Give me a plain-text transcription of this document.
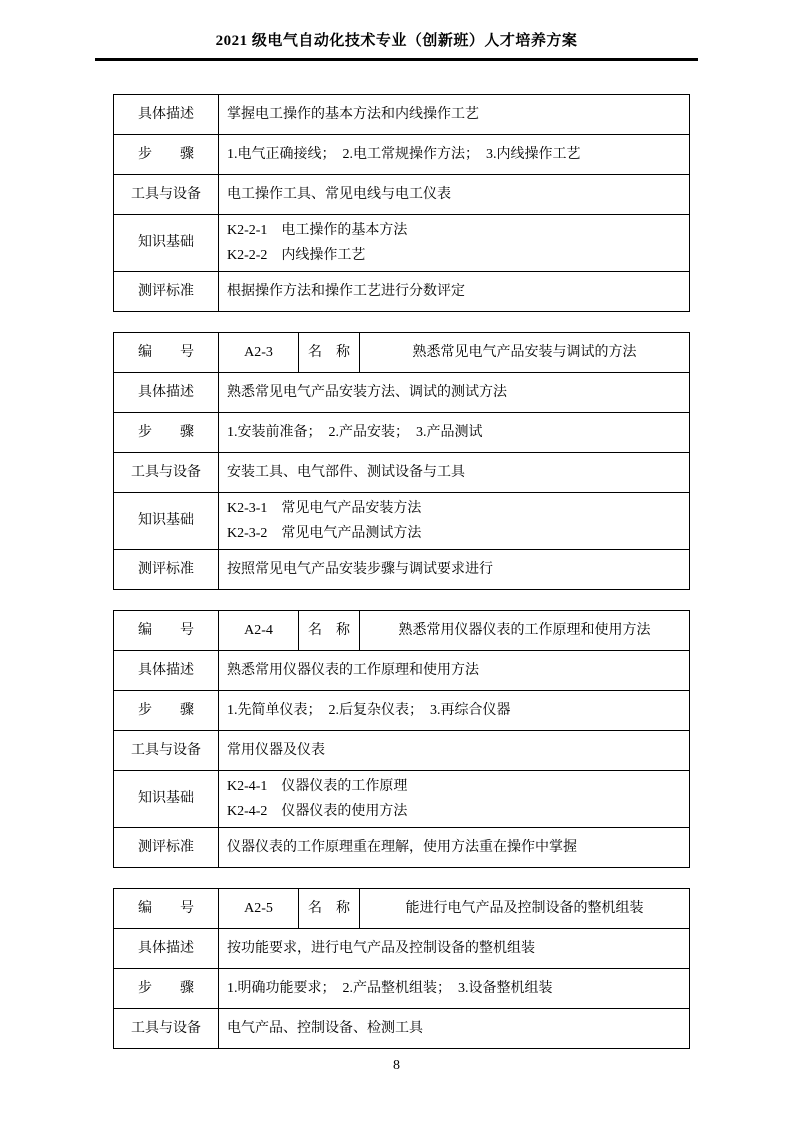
2021 级电气自动化技术专业（创新班）人才培养方案
具体描述	掌握电工操作的基本方法和内线操作工艺
步　　骤	1.电气正确接线；　2.电工常规操作方法；　3.内线操作工艺
工具与设备	电工操作工具、常见电线与电工仪表
知识基础	K2-2-1　电工操作的基本方法
K2-2-2　内线操作工艺

测评标准	根据操作方法和操作工艺进行分数评定
编　　号	A2-3	名　称	熟悉常见电气产品安装与调试的方法
具体描述	熟悉常见电气产品安装方法、调试的测试方法		
步　　骤	1.安装前准备；　2.产品安装；　3.产品测试		
工具与设备	安装工具、电气部件、测试设备与工具		
知识基础	K2-3-1　常见电气产品安装方法
K2-3-2　常见电气产品测试方法		

测评标准	按照常见电气产品安装步骤与调试要求进行		
编　　号	A2-4	名　称	熟悉常用仪器仪表的工作原理和使用方法
具体描述	熟悉常用仪器仪表的工作原理和使用方法		
步　　骤	1.先简单仪表；　2.后复杂仪表；　3.再综合仪器		
工具与设备	常用仪器及仪表		
知识基础	K2-4-1　仪器仪表的工作原理
K2-4-2　仪器仪表的使用方法		

测评标准	仪器仪表的工作原理重在理解，使用方法重在操作中掌握		
编　　号	A2-5	名　称	能进行电气产品及控制设备的整机组装
具体描述	按功能要求，进行电气产品及控制设备的整机组装		
步　　骤	1.明确功能要求；　2.产品整机组装；　3.设备整机组装		
工具与设备	电气产品、控制设备、检测工具		
8
